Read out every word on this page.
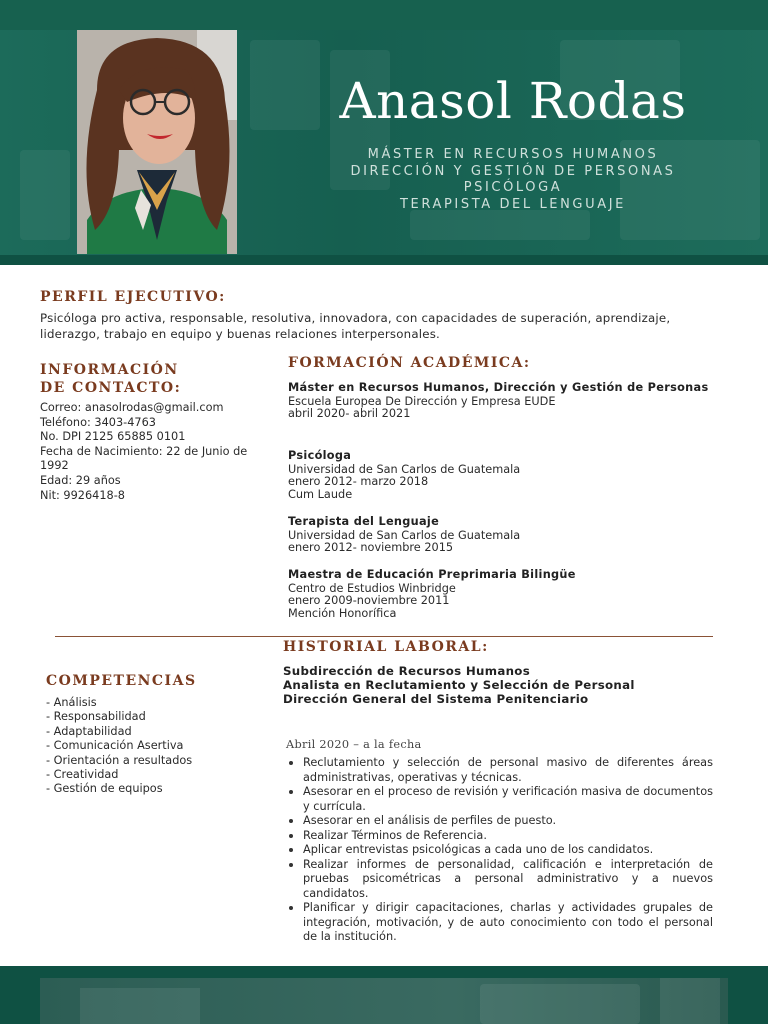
Anasol Rodas
MÁSTER EN RECURSOS HUMANOS
DIRECCIÓN Y GESTIÓN DE PERSONAS
PSICÓLOGA
TERAPISTA DEL LENGUAJE
PERFIL EJECUTIVO:
Psicóloga pro activa, responsable, resolutiva, innovadora, con capacidades de superación, aprendizaje, liderazgo, trabajo en equipo y buenas relaciones interpersonales.
INFORMACIÓN
DE CONTACTO:
Correo: anasolrodas@gmail.com
Teléfono: 3403-4763
No. DPI 2125 65885 0101
Fecha de Nacimiento: 22 de Junio de 1992
Edad: 29 años
Nit: 9926418-8
FORMACIÓN ACADÉMICA:
Máster en Recursos Humanos, Dirección y Gestión de Personas
Escuela Europea De Dirección y Empresa EUDE
abril 2020- abril 2021
Psicóloga
Universidad de San Carlos de Guatemala
enero 2012- marzo 2018
Cum Laude
Terapista del Lenguaje
Universidad de San Carlos de Guatemala
enero 2012- noviembre 2015
Maestra de Educación Preprimaria Bilingüe
Centro de Estudios Winbridge
enero 2009-noviembre 2011
Mención Honorífica
HISTORIAL LABORAL:
Subdirección de Recursos Humanos
Analista en Reclutamiento y Selección de Personal
Dirección General del Sistema Penitenciario
Abril 2020 – a la fecha
Reclutamiento y selección de personal masivo de diferentes áreas administrativas, operativas y técnicas.
Asesorar en el proceso de revisión y verificación masiva de documentos y currícula.
Asesorar en el análisis de perfiles de puesto.
Realizar Términos de Referencia.
Aplicar entrevistas psicológicas a cada uno de los candidatos.
Realizar informes de personalidad, calificación e interpretación de pruebas psicométricas a personal administrativo y a nuevos candidatos.
Planificar y dirigir capacitaciones, charlas y actividades grupales de integración, motivación, y de auto conocimiento con todo el personal de la institución.
COMPETENCIAS
- Análisis
- Responsabilidad
- Adaptabilidad
- Comunicación Asertiva
- Orientación a resultados
- Creatividad
- Gestión de equipos
